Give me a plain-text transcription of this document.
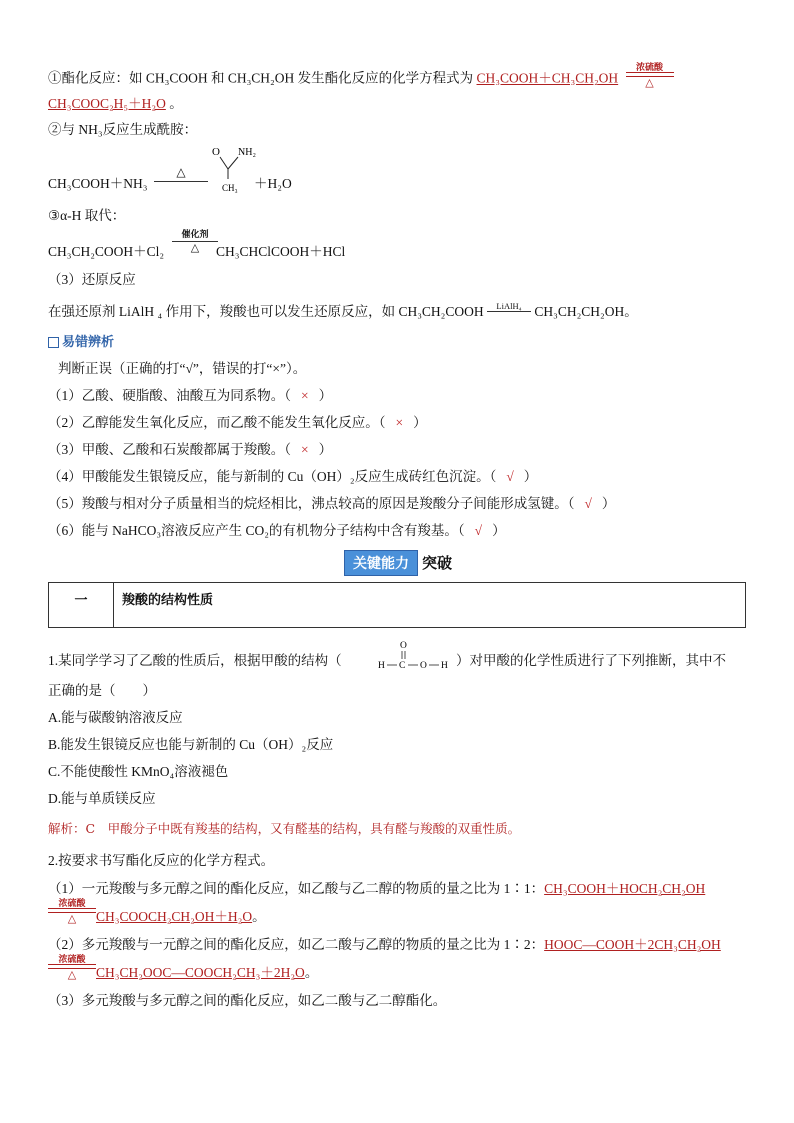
①酯化反应：如 CH₃COOH 和 CH₃CH₂OH 发生酯化反应的化学方程式为 CH₃COOH＋CH₃CH₂OH
浓硫酸
△
CH₃COOC₂H₅＋H₂O 。
②与 NH₃反应生成酰胺：
CH₃COOH＋NH₃
△
O NH₂
CH₃ ＋H₂O
③α-H 取代：
CH₃CH₂COOH＋Cl₂
催化剂
△	CH₃CHClCOOH＋HCl
（3）还原反应
在强还原剂 LiAlH ₄ 作用下，羧酸也可以发生还原反应，如 CH₃CH₂COOH	LiAlH₄ CH₃CH₂CH₂OH。
易错辨析
判断正误（正确的打“√”，错误的打“×”）。
（1）乙酸、硬脂酸、油酸互为同系物。（ × ）
（2）乙醇能发生氧化反应，而乙酸不能发生氧化反应。（ × ）
（3）甲酸、乙酸和石炭酸都属于羧酸。（ × ）
（4）甲酸能发生银镜反应，能与新制的 Cu（OH）₂反应生成砖红色沉淀。（ √ ）
（5）羧酸与相对分子质量相当的烷烃相比，沸点较高的原因是羧酸分子间能形成氢键。（ √ ）
（6）能与 NaHCO₃溶液反应产生 CO₂的有机物分子结构中含有羧基。（ √ ）
关键能力 突破
一	羧酸的结构性质
1.某同学学习了乙酸的性质后，根据甲酸的结构（
O
H C O H ）对甲酸的化学性质进行了下列推断，其中不
正确的是（　　）
A.能与碳酸钠溶液反应
B.能发生银镜反应也能与新制的 Cu（OH）₂反应
C.不能使酸性 KMnO₄溶液褪色
D.能与单质镁反应
解析：C　甲酸分子中既有羧基的结构，又有醛基的结构，具有醛与羧酸的双重性质。
2.按要求书写酯化反应的化学方程式。
（1）一元羧酸与多元醇之间的酯化反应，如乙酸与乙二醇的物质的量之比为 1∶1：CH₃COOH＋HOCH₂CH₂OH
浓硫酸
△	CH₃COOCH₂CH₂OH＋H₂O。
（2）多元羧酸与一元醇之间的酯化反应，如乙二酸与乙醇的物质的量之比为 1∶2：HOOC—COOH＋2CH₃CH₂OH
浓硫酸
△	CH₃CH₂OOC—COOCH₂CH₃＋2H₂O。
（3）多元羧酸与多元醇之间的酯化反应，如乙二酸与乙二醇酯化。
